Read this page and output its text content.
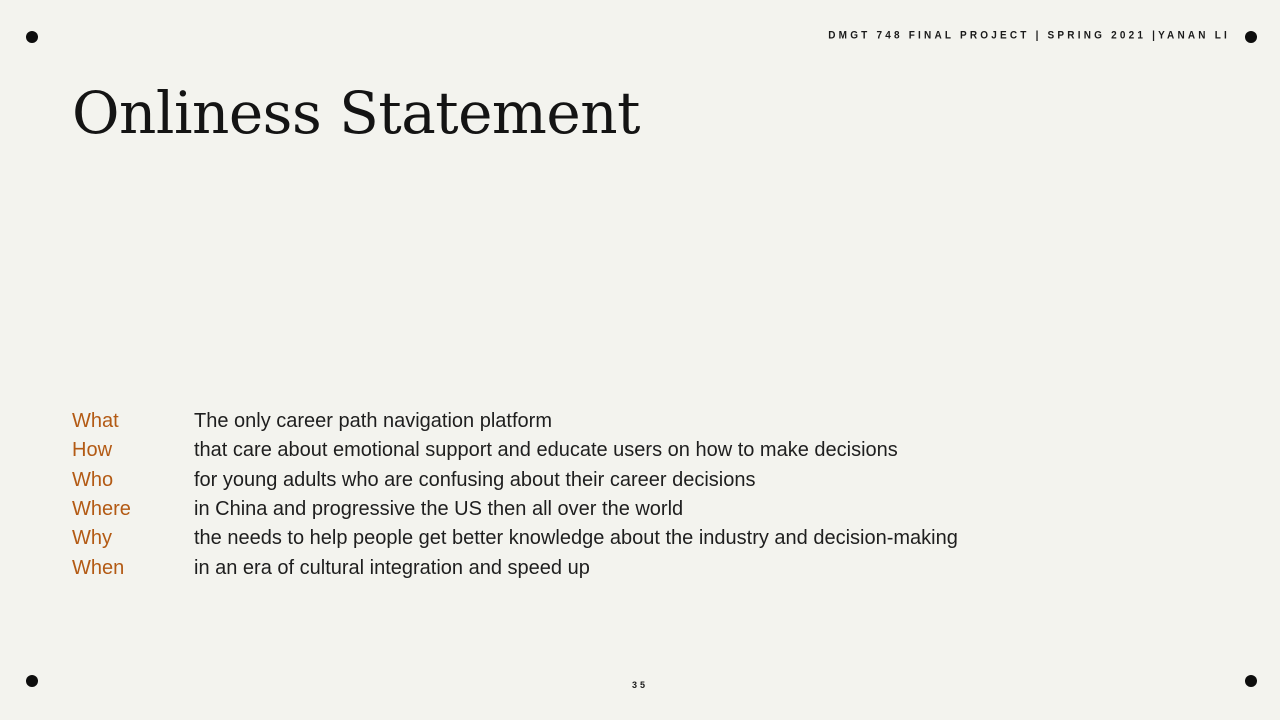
DMGT 748 FINAL PROJECT | SPRING 2021 |YANAN LI
Onliness Statement
What	The only career path navigation platform
How	that care about emotional support and educate users on how to make decisions
Who	for young adults who are confusing about their career decisions
Where	in China and progressive the US then all over the world
Why	the needs to help people get better knowledge about the industry and decision-making
When	in an era of cultural integration and speed up
35
